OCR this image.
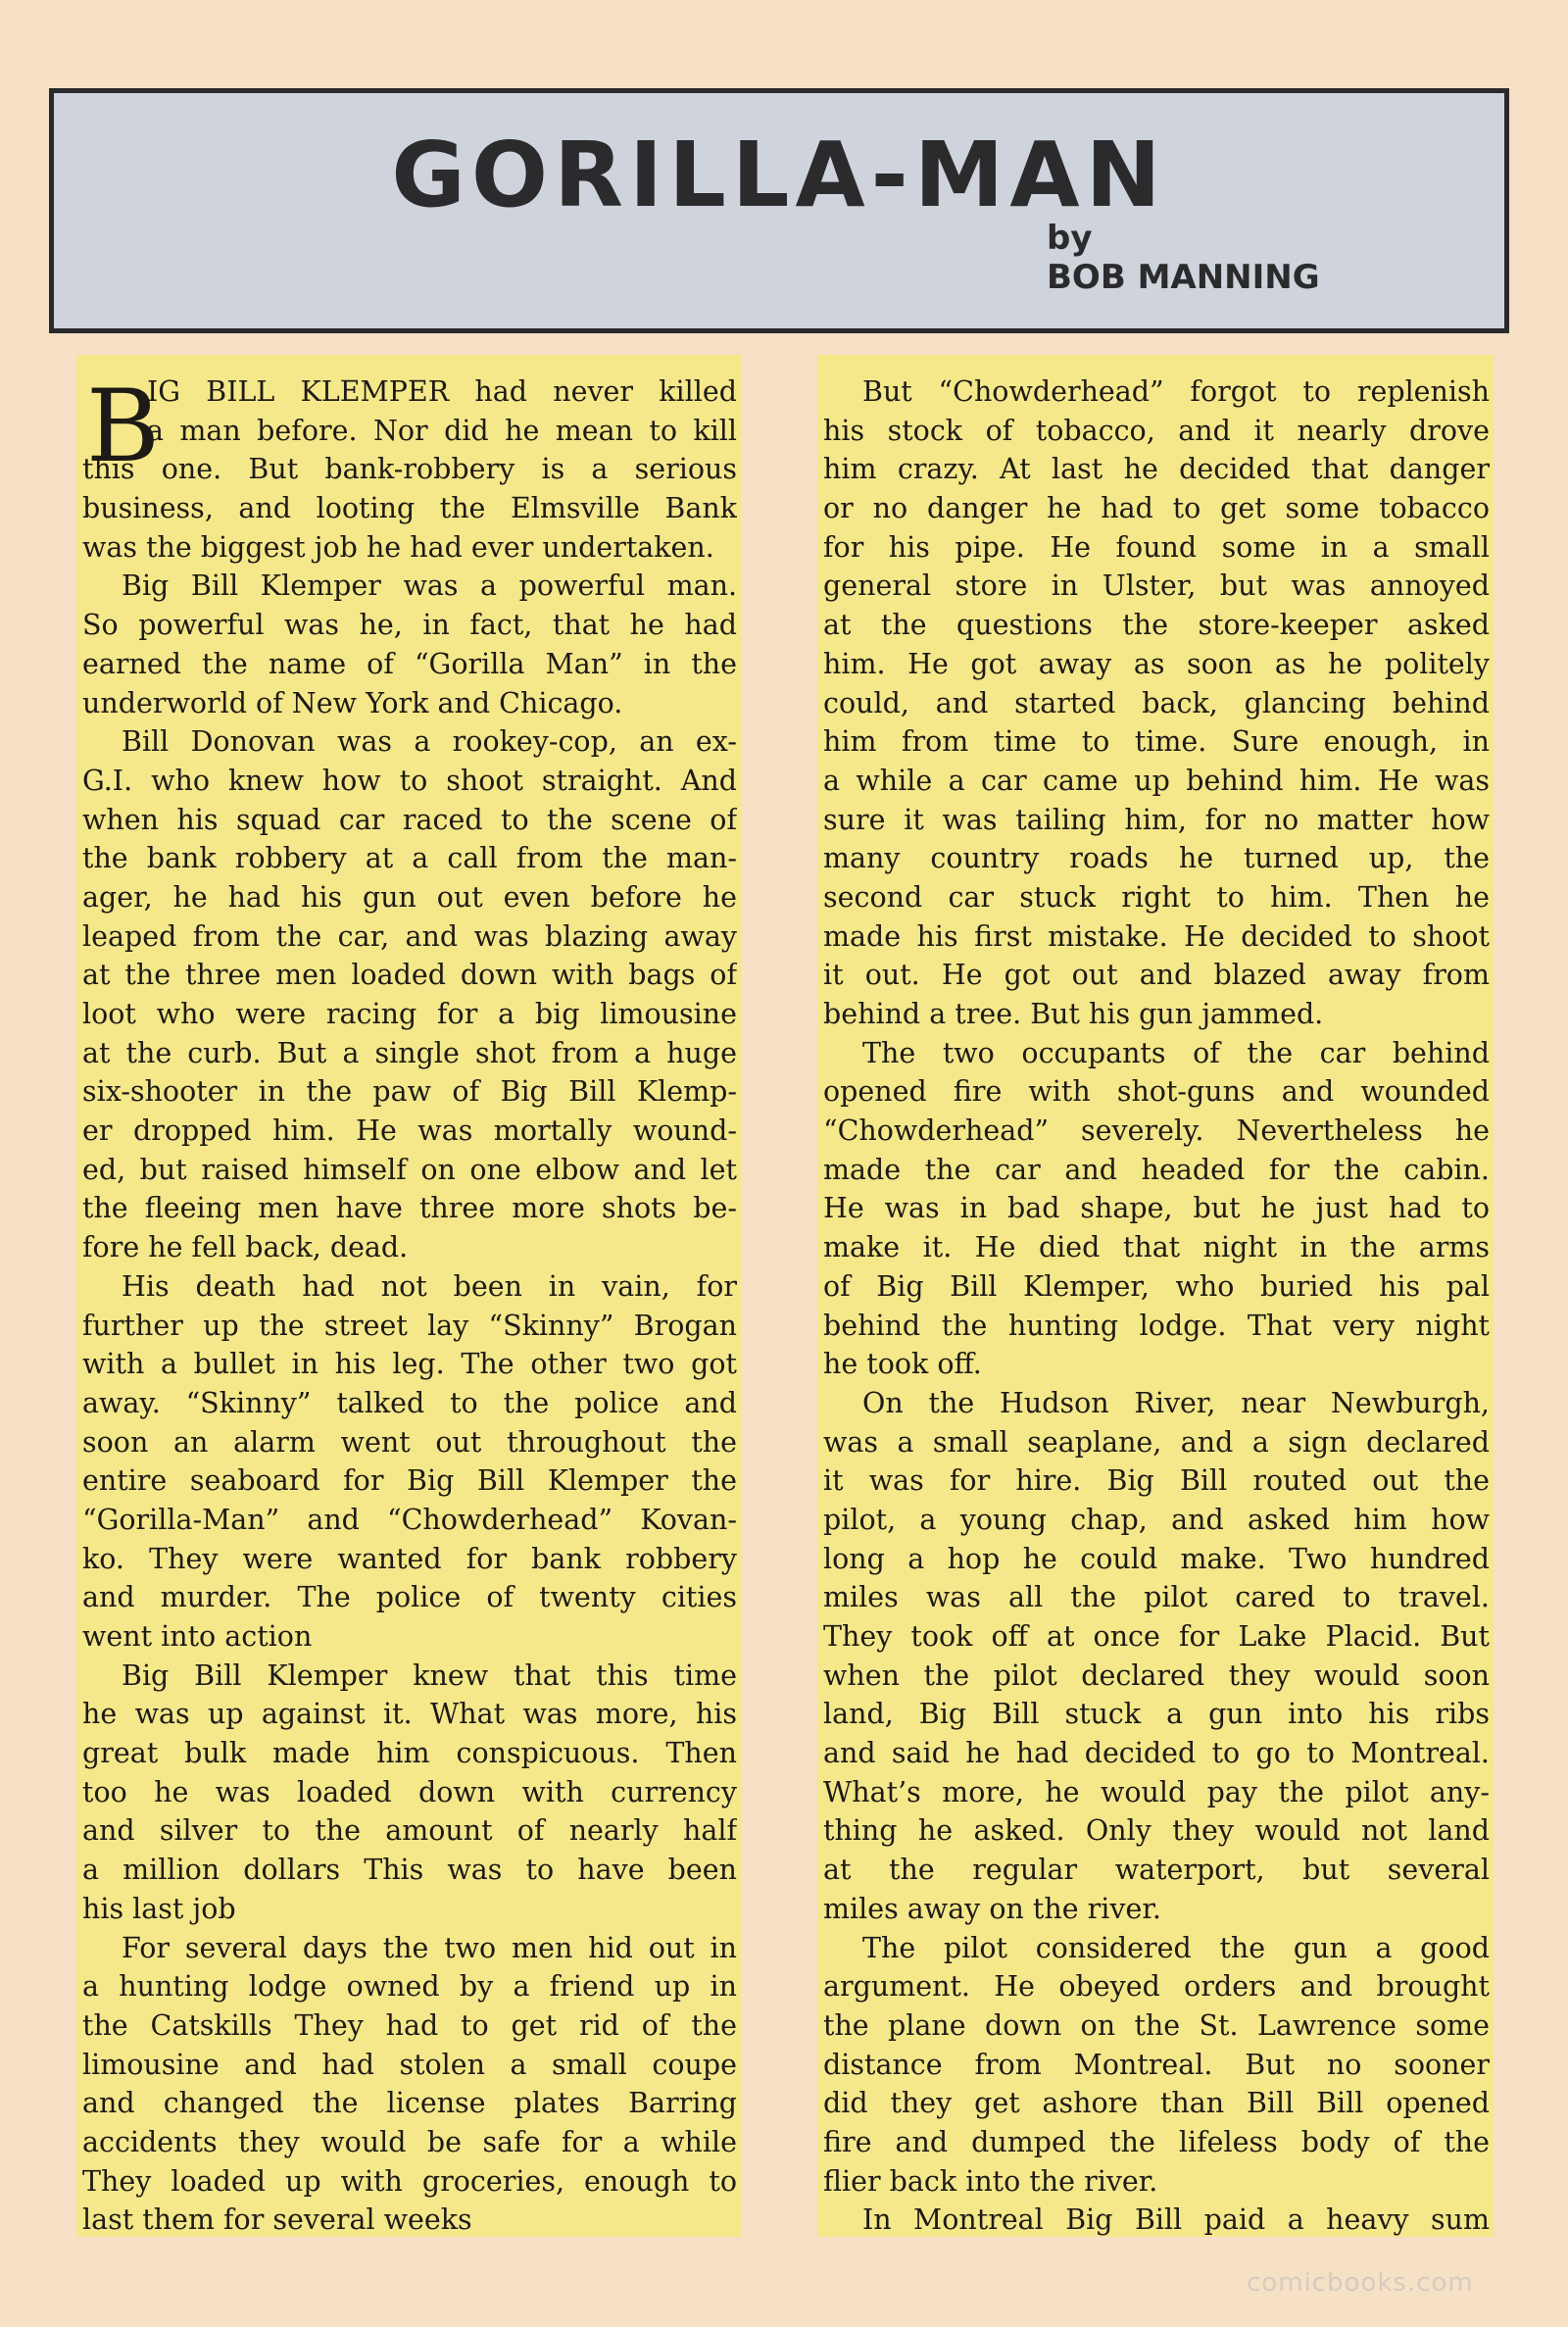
GORILLA-MAN
by
BOB MANNING
B
IG BILL KLEMPER had never killed
a man before. Nor did he mean to kill
this one. But bank-robbery is a serious
business, and looting the Elmsville Bank
was the biggest job he had ever undertaken.
Big Bill Klemper was a powerful man.
So powerful was he, in fact, that he had
earned the name of “Gorilla Man” in the
underworld of New York and Chicago.
Bill Donovan was a rookey-cop, an ex-
G.I. who knew how to shoot straight. And
when his squad car raced to the scene of
the bank robbery at a call from the man-
ager, he had his gun out even before he
leaped from the car, and was blazing away
at the three men loaded down with bags of
loot who were racing for a big limousine
at the curb. But a single shot from a huge
six-shooter in the paw of Big Bill Klemp-
er dropped him. He was mortally wound-
ed, but raised himself on one elbow and let
the fleeing men have three more shots be-
fore he fell back, dead.
His death had not been in vain, for
further up the street lay “Skinny” Brogan
with a bullet in his leg. The other two got
away. “Skinny” talked to the police and
soon an alarm went out throughout the
entire seaboard for Big Bill Klemper the
“Gorilla-Man” and “Chowderhead” Kovan-
ko. They were wanted for bank robbery
and murder. The police of twenty cities
went into action
Big Bill Klemper knew that this time
he was up against it. What was more, his
great bulk made him conspicuous. Then
too he was loaded down with currency
and silver to the amount of nearly half
a million dollars This was to have been
his last job
For several days the two men hid out in
a hunting lodge owned by a friend up in
the Catskills They had to get rid of the
limousine and had stolen a small coupe
and changed the license plates Barring
accidents they would be safe for a while
They loaded up with groceries, enough to
last them for several weeks
But “Chowderhead” forgot to replenish
his stock of tobacco, and it nearly drove
him crazy. At last he decided that danger
or no danger he had to get some tobacco
for his pipe. He found some in a small
general store in Ulster, but was annoyed
at the questions the store-keeper asked
him. He got away as soon as he politely
could, and started back, glancing behind
him from time to time. Sure enough, in
a while a car came up behind him. He was
sure it was tailing him, for no matter how
many country roads he turned up, the
second car stuck right to him. Then he
made his first mistake. He decided to shoot
it out. He got out and blazed away from
behind a tree. But his gun jammed.
The two occupants of the car behind
opened fire with shot-guns and wounded
“Chowderhead” severely. Nevertheless he
made the car and headed for the cabin.
He was in bad shape, but he just had to
make it. He died that night in the arms
of Big Bill Klemper, who buried his pal
behind the hunting lodge. That very night
he took off.
On the Hudson River, near Newburgh,
was a small seaplane, and a sign declared
it was for hire. Big Bill routed out the
pilot, a young chap, and asked him how
long a hop he could make. Two hundred
miles was all the pilot cared to travel.
They took off at once for Lake Placid. But
when the pilot declared they would soon
land, Big Bill stuck a gun into his ribs
and said he had decided to go to Montreal.
What’s more, he would pay the pilot any-
thing he asked. Only they would not land
at the regular waterport, but several
miles away on the river.
The pilot considered the gun a good
argument. He obeyed orders and brought
the plane down on the St. Lawrence some
distance from Montreal. But no sooner
did they get ashore than Bill Bill opened
fire and dumped the lifeless body of the
flier back into the river.
In Montreal Big Bill paid a heavy sum
comicbooks.com
